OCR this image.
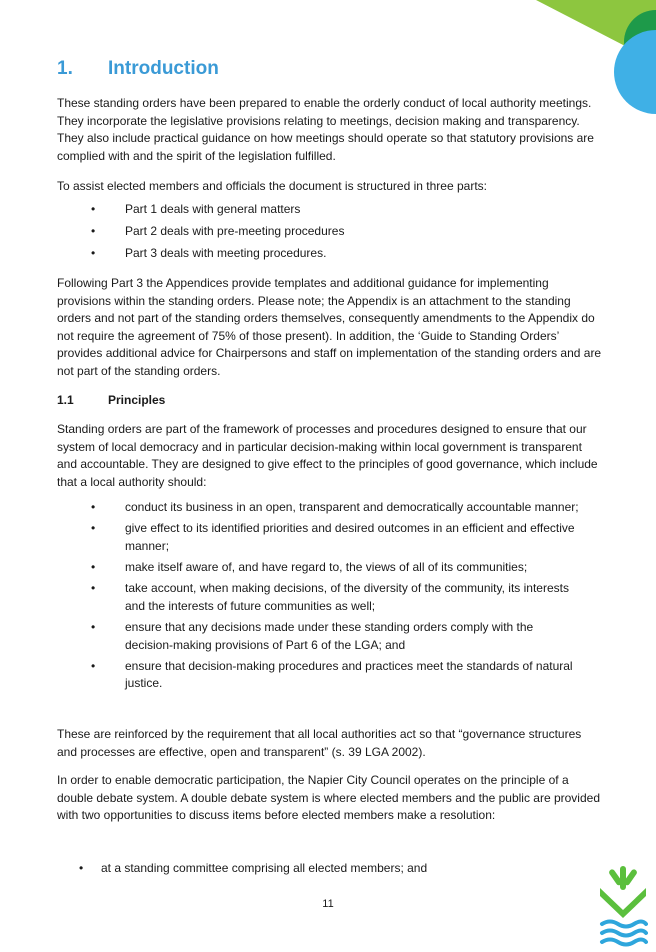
1. Introduction

These standing orders have been prepared to enable the orderly conduct of local authority meetings. They incorporate the legislative provisions relating to meetings, decision making and transparency. They also include practical guidance on how meetings should operate so that statutory provisions are complied with and the spirit of the legislation fulfilled.

To assist elected members and officials the document is structured in three parts:

• Part 1 deals with general matters
• Part 2 deals with pre-meeting procedures
• Part 3 deals with meeting procedures.

Following Part 3 the Appendices provide templates and additional guidance for implementing provisions within the standing orders. Please note; the Appendix is an attachment to the standing orders and not part of the standing orders themselves, consequently amendments to the Appendix do not require the agreement of 75% of those present). In addition, the ‘Guide to Standing Orders’ provides additional advice for Chairpersons and staff on implementation of the standing orders and are not part of the standing orders.

1.1	Principles

Standing orders are part of the framework of processes and procedures designed to ensure that our system of local democracy and in particular decision-making within local government is transparent and accountable. They are designed to give effect to the principles of good governance, which include that a local authority should:

• conduct its business in an open, transparent and democratically accountable manner;
• give effect to its identified priorities and desired outcomes in an efficient and effective manner;
• make itself aware of, and have regard to, the views of all of its communities;
• take account, when making decisions, of the diversity of the community, its interests and the interests of future communities as well;
• ensure that any decisions made under these standing orders comply with the decision-making provisions of Part 6 of the LGA; and
• ensure that decision-making procedures and practices meet the standards of natural justice.

These are reinforced by the requirement that all local authorities act so that “governance structures and processes are effective, open and transparent” (s. 39 LGA 2002).

In order to enable democratic participation, the Napier City Council operates on the principle of a double debate system. A double debate system is where elected members and the public are provided with two opportunities to discuss items before elected members make a resolution:

• at a standing committee comprising all elected members; and
11
